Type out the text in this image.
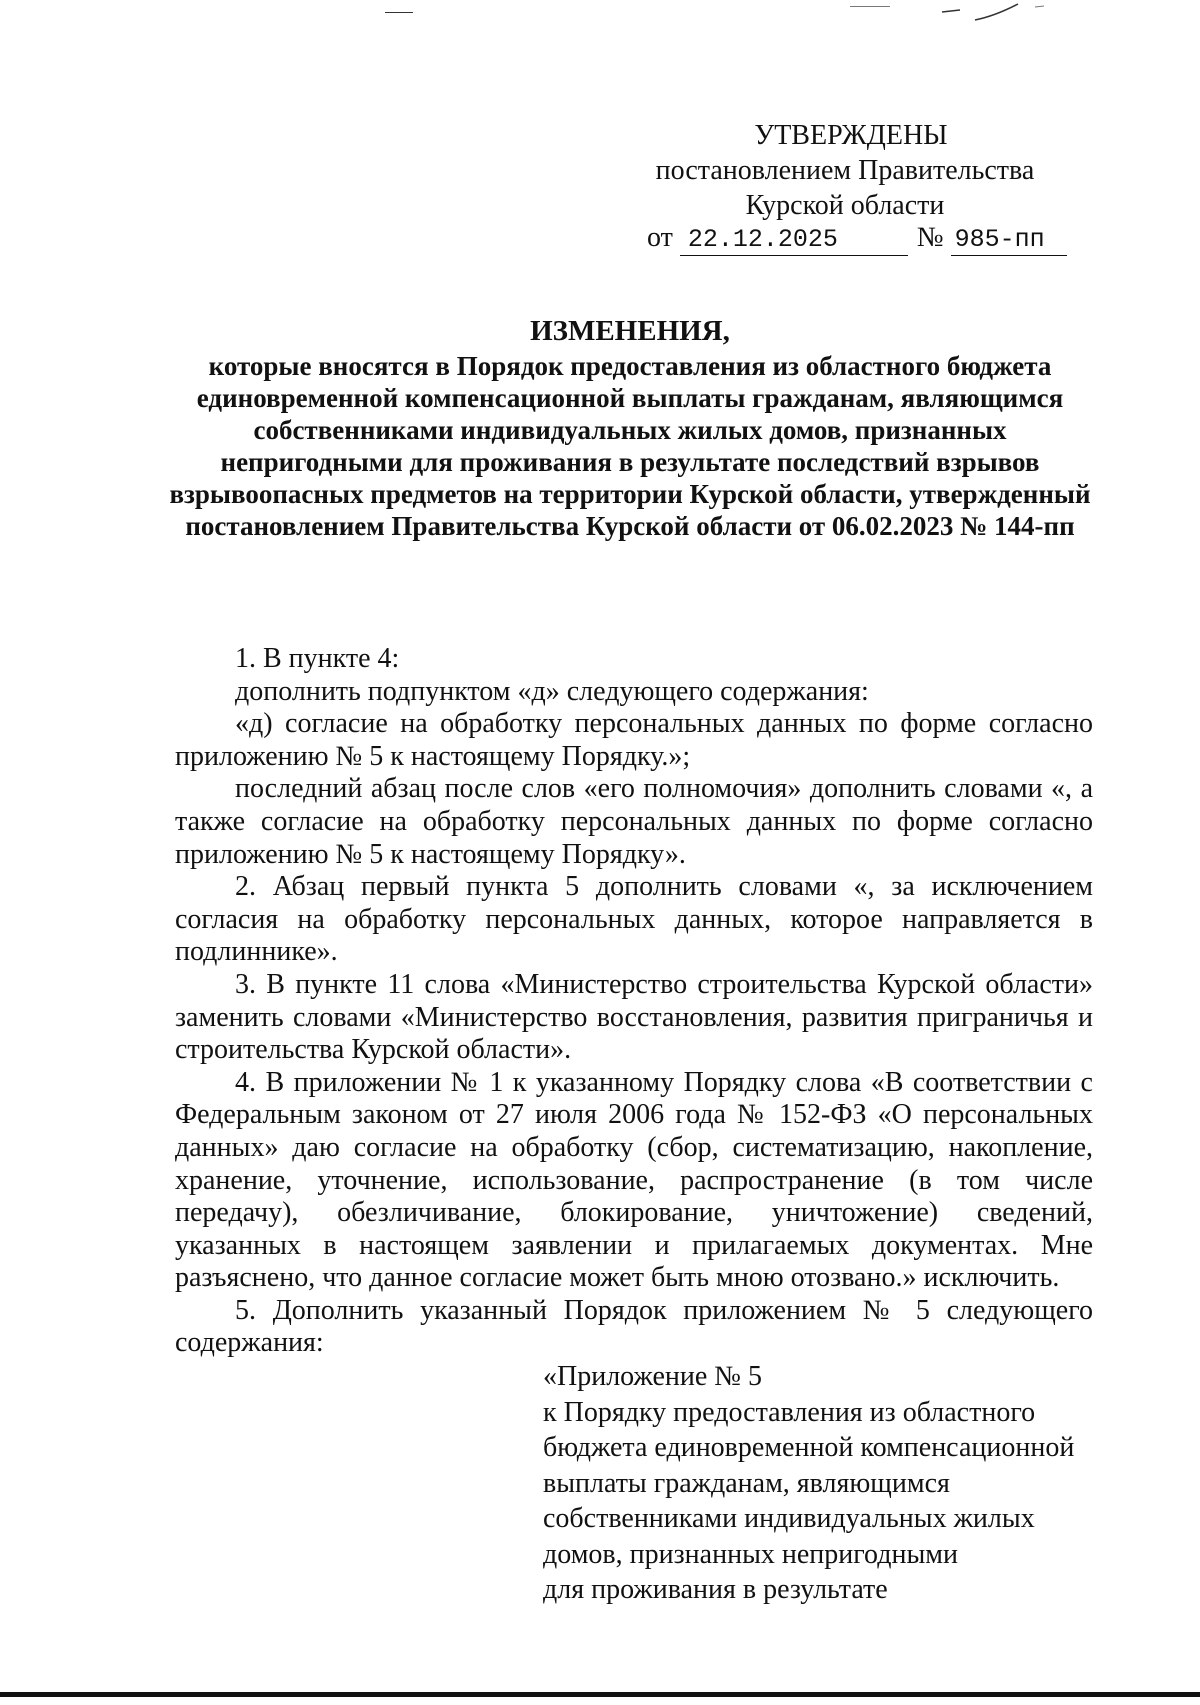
УТВЕРЖДЕНЫ
постановлением Правительства
Курской области
от 22.12.2025	№ 985-пп
ИЗМЕНЕНИЯ,
которые вносятся в Порядок предоставления из областного бюджета единовременной компенсационной выплаты гражданам, являющимся собственниками индивидуальных жилых домов, признанных непригодными для проживания в результате последствий взрывов взрывоопасных предметов на территории Курской области, утвержденный постановлением Правительства Курской области от 06.02.2023 № 144-пп

1. В пункте 4:

дополнить подпунктом «д» следующего содержания:

«д) согласие на обработку персональных данных по форме согласно приложению № 5 к настоящему Порядку.»;

последний абзац после слов «его полномочия» дополнить словами «, а также согласие на обработку персональных данных по форме согласно приложению № 5 к настоящему Порядку».

2. Абзац первый пункта 5 дополнить словами «, за исключением согласия на обработку персональных данных, которое направляется в подлиннике».

3. В пункте 11 слова «Министерство строительства Курской области» заменить словами «Министерство восстановления, развития приграничья и строительства Курской области».

4. В приложении № 1 к указанному Порядку слова «В соответствии с Федеральным законом от 27 июля 2006 года № 152-ФЗ «О персональных данных» даю согласие на обработку (сбор, систематизацию, накопление, хранение, уточнение, использование, распространение (в том числе передачу), обезличивание, блокирование, уничтожение) сведений, указанных в настоящем заявлении и прилагаемых документах. Мне разъяснено, что данное согласие может быть мною отозвано.» исключить.

5. Дополнить указанный Порядок приложением № 5 следующего содержания:

«Приложение № 5

к Порядку предоставления из областного

бюджета единовременной компенсационной

выплаты гражданам, являющимся

собственниками индивидуальных жилых

домов, признанных непригодными

для проживания в результате
